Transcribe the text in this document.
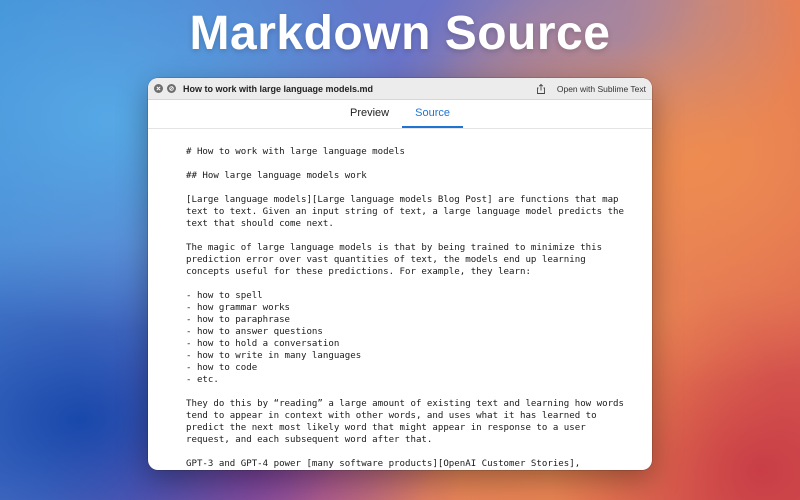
Markdown Source
How to work with large language models.md	Open with Sublime Text
Preview	Source
# How to work with large language models
## How large language models work
[Large language models][Large language models Blog Post] are functions that map
text to text. Given an input string of text, a large language model predicts the
text that should come next.
The magic of large language models is that by being trained to minimize this
prediction error over vast quantities of text, the models end up learning
concepts useful for these predictions. For example, they learn:
- how to spell
- how grammar works
- how to paraphrase
- how to answer questions
- how to hold a conversation
- how to write in many languages
- how to code
- etc.
They do this by “reading” a large amount of existing text and learning how words
tend to appear in context with other words, and uses what it has learned to
predict the next most likely word that might appear in response to a user
request, and each subsequent word after that.
GPT-3 and GPT-4 power [many software products][OpenAI Customer Stories],
